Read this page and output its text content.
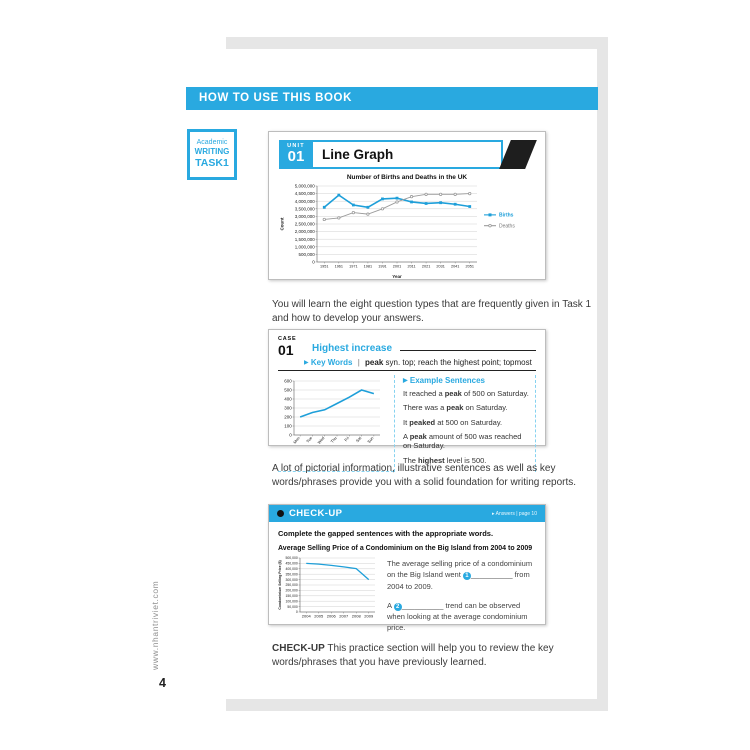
HOW TO USE THIS BOOK
Academic
WRITING
TASK1
UNIT
01	Line Graph
Number of Births and Deaths in the UK
0
500,000
1,000,000
1,500,000
2,000,000
2,500,000
3,000,000
3,500,000
4,000,000
4,500,000
5,000,000
1951 1961 1971 1981 1991 2001 2011 2021 2031 2041 2051
Count
Year
Births
Deaths

You will learn the eight question types that are frequently given in Task 1 and how to develop your answers.

CASE
01	Highest increase
▶ Key Words | peak syn. top; reach the highest point; topmost
0
100
200
300
400
500
600
Mon Tue Wed Thu Fri Sat Sun
▶ Example Sentences
It reached a peak of 500 on Saturday.
There was a peak on Saturday.
It peaked at 500 on Saturday.
A peak amount of 500 was reached on Saturday.
The highest level is 500.

A lot of pictorial information, illustrative sentences as well as key words/phrases provide you with a solid foundation for writing reports.

CHECK-UP	▸ Answers | page 10
Complete the gapped sentences with the appropriate words.
Average Selling Price of a Condominium on the Big Island from 2004 to 2009
0
50,000
100,000
150,000
200,000
250,000
300,000
350,000
400,000
450,000
500,000
2004 2005 2006 2007 2008 2009
Condominium Selling Price ($)	The average selling price of a condominium on the Big Island went 1 __________ from 2004 to 2009.

A 2 __________ trend can be observed when looking at the average condominium price.

CHECK-UP This practice section will help you to review the key words/phrases that you have previously learned.

www.nhantriviet.com
4
